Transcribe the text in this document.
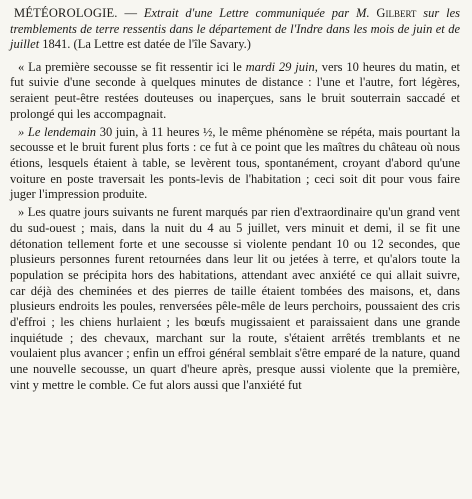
MÉTÉOROLOGIE. — Extrait d'une Lettre communiquée par M. Gilbert sur les tremblements de terre ressentis dans le département de l'Indre dans les mois de juin et de juillet 1841. (La Lettre est datée de l'île Savary.)

« La première secousse se fit ressentir ici le mardi 29 juin, vers 10 heures du matin, et fut suivie d'une seconde à quelques minutes de distance : l'une et l'autre, fort légères, seraient peut-être restées douteuses ou inaperçues, sans le bruit souterrain saccadé et prolongé qui les accompagnait.

» Le lendemain 30 juin, à 11 heures ½, le même phénomène se répéta, mais pourtant la secousse et le bruit furent plus forts : ce fut à ce point que les maîtres du château où nous étions, lesquels étaient à table, se levèrent tous, spontanément, croyant d'abord qu'une voiture en poste traversait les ponts-levis de l'habitation ; ceci soit dit pour vous faire juger l'impression produite.

» Les quatre jours suivants ne furent marqués par rien d'extraordinaire qu'un grand vent du sud-ouest ; mais, dans la nuit du 4 au 5 juillet, vers minuit et demi, il se fit une détonation tellement forte et une secousse si violente pendant 10 ou 12 secondes, que plusieurs personnes furent retournées dans leur lit ou jetées à terre, et qu'alors toute la population se précipita hors des habitations, attendant avec anxiété ce qui allait suivre, car déjà des cheminées et des pierres de taille étaient tombées des maisons, et, dans plusieurs endroits les poules, renversées pêle-mêle de leurs perchoirs, poussaient des cris d'effroi ; les chiens hurlaient ; les bœufs mugissaient et paraissaient dans une grande inquiétude ; des chevaux, marchant sur la route, s'étaient arrêtés tremblants et ne voulaient plus avancer ; enfin un effroi général semblait s'être emparé de la nature, quand une nouvelle secousse, un quart d'heure après, presque aussi violente que la première, vint y mettre le comble. Ce fut alors aussi que l'anxiété fut
